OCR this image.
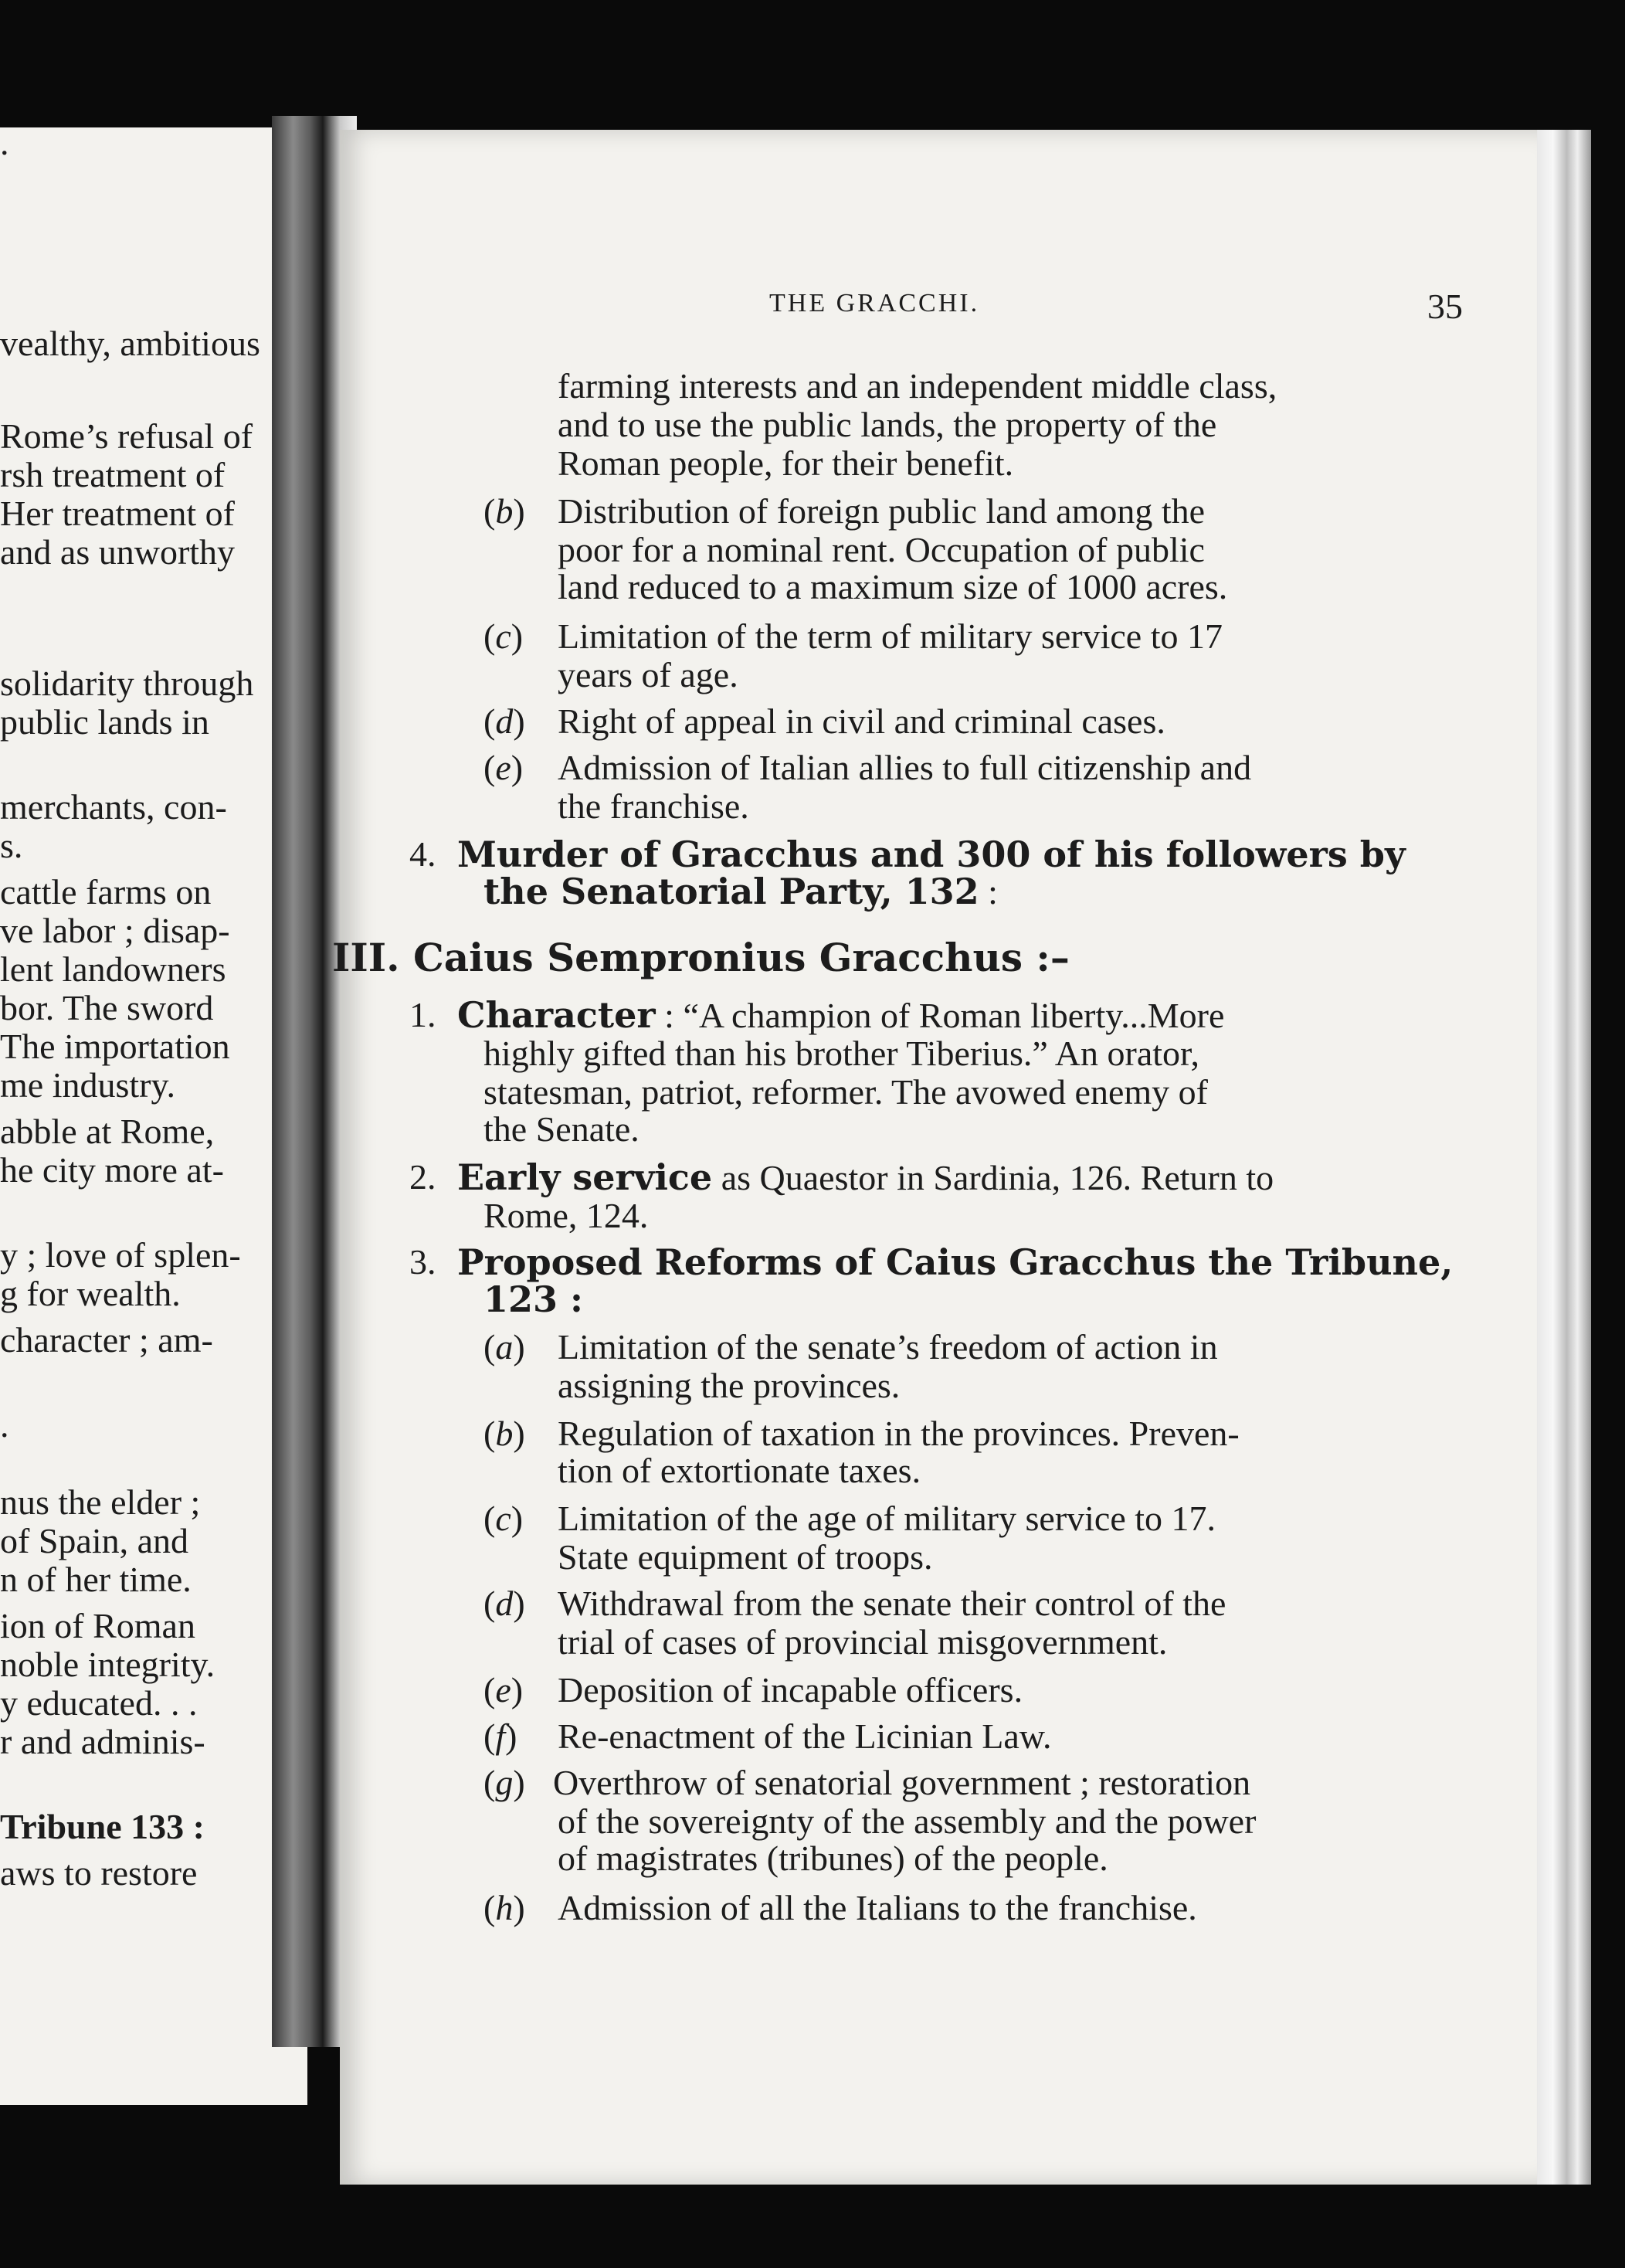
.
vealthy, ambitious
Rome’s refusal of
rsh treatment of
Her treatment of
and as unworthy
solidarity through
public lands in
merchants, con-
s.
cattle farms on
ve labor ; disap-
lent landowners
bor. The sword
The importation
me industry.
abble at Rome,
he city more at-
y ; love of splen-
g for wealth.
character ; am-
.
nus the elder ;
of Spain, and
n of her time.
ion of Roman
noble integrity.
y educated. . .
r and adminis-
Tribune 133 :
aws to restore
THE GRACCHI.	35
farming interests and an independent middle class,
and to use the public lands, the property of the
Roman people, for their benefit.
(b) Distribution of foreign public land among the
poor for a nominal rent. Occupation of public
land reduced to a maximum size of 1000 acres.
(c) Limitation of the term of military service to 17
years of age.
(d) Right of appeal in civil and criminal cases.
(e) Admission of Italian allies to full citizenship and
the franchise.
4. Murder of Gracchus and 300 of his followers by
the Senatorial Party, 132 :
III. Caius Sempronius Gracchus :–
1. Character : “A champion of Roman liberty...More
highly gifted than his brother Tiberius.” An orator,
statesman, patriot, reformer. The avowed enemy of
the Senate.
2. Early service as Quaestor in Sardinia, 126. Return to
Rome, 124.
3. Proposed Reforms of Caius Gracchus the Tribune,
123 :
(a) Limitation of the senate’s freedom of action in
assigning the provinces.
(b) Regulation of taxation in the provinces. Preven-
tion of extortionate taxes.
(c) Limitation of the age of military service to 17.
State equipment of troops.
(d) Withdrawal from the senate their control of the
trial of cases of provincial misgovernment.
(e) Deposition of incapable officers.
(f) Re-enactment of the Licinian Law.
(g) Overthrow of senatorial government ; restoration
of the sovereignty of the assembly and the power
of magistrates (tribunes) of the people.
(h) Admission of all the Italians to the franchise.
